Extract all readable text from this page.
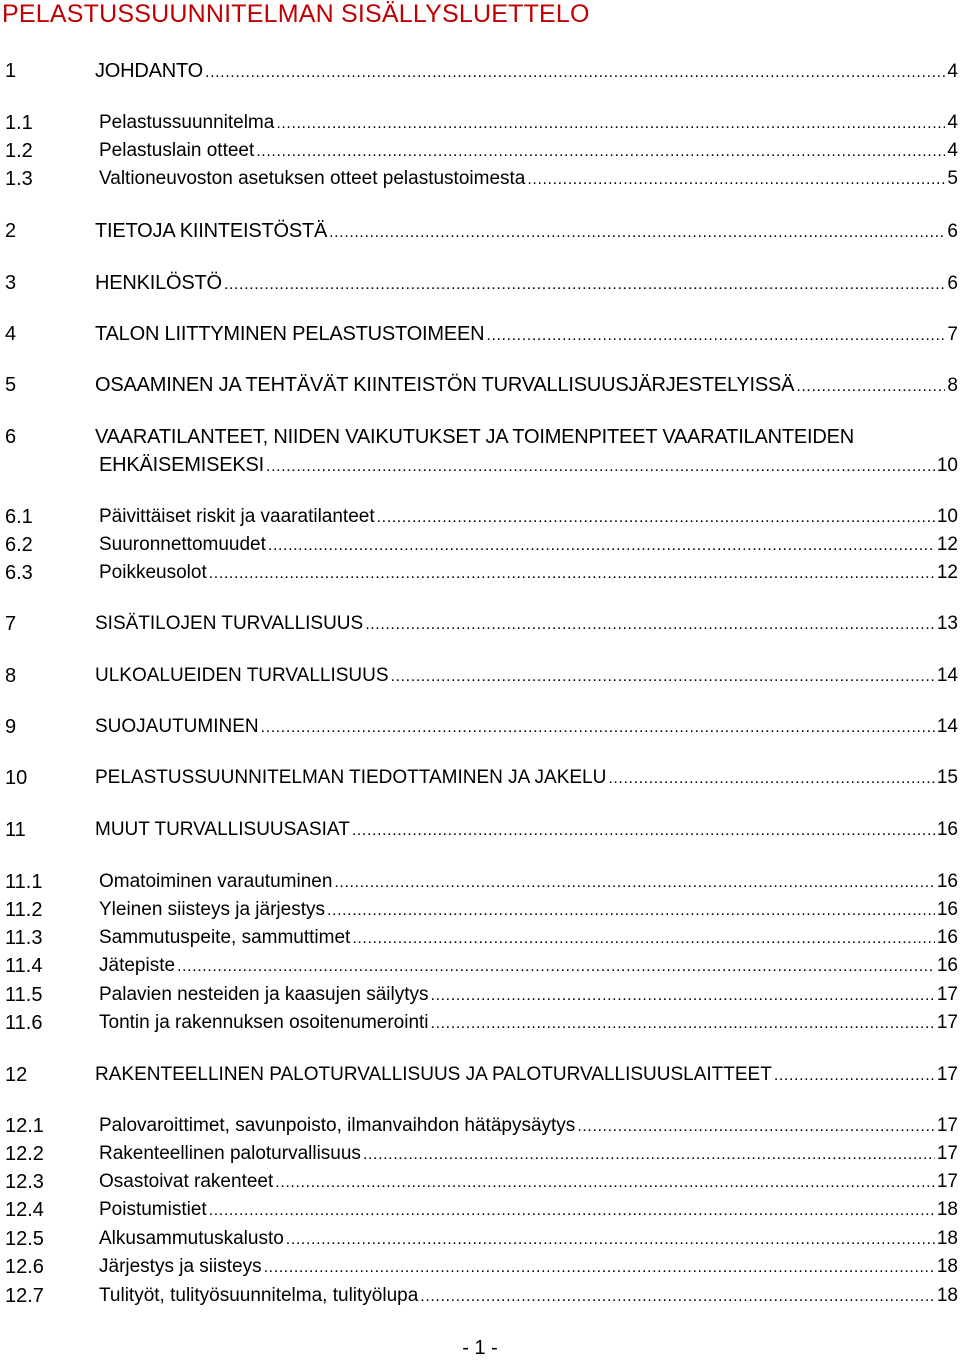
PELASTUSSUUNNITELMAN SISÄLLYSLUETTELO
1	JOHDANTO .....	4
1.1	Pelastussuunnitelma .....	4
1.2	Pelastuslain otteet .....	4
1.3	Valtioneuvoston asetuksen otteet pelastustoimesta .....	5
2	TIETOJA KIINTEISTÖSTÄ .....	6
3	HENKILÖSTÖ .....	6
4	TALON LIITTYMINEN PELASTUSTOIMEEN .....	7
5	OSAAMINEN JA TEHTÄVÄT KIINTEISTÖN TURVALLISUUSJÄRJESTELYISSÄ .....	8
6	VAARATILANTEET, NIIDEN VAIKUTUKSET JA TOIMENPITEET VAARATILANTEIDEN
EHKÄISEMISEKSI .....	10
6.1	Päivittäiset riskit ja vaaratilanteet .....	10
6.2	Suuronnettomuudet .....	12
6.3	Poikkeusolot .....	12
7	SISÄTILOJEN TURVALLISUUS .....	13
8	ULKOALUEIDEN TURVALLISUUS .....	14
9	SUOJAUTUMINEN .....	14
10	PELASTUSSUUNNITELMAN TIEDOTTAMINEN JA JAKELU .....	15
11	MUUT TURVALLISUUSASIAT .....	16
11.1	Omatoiminen varautuminen .....	16
11.2	Yleinen siisteys ja järjestys .....	16
11.3	Sammutuspeite, sammuttimet .....	16
11.4	Jätepiste .....	16
11.5	Palavien nesteiden ja kaasujen säilytys .....	17
11.6	Tontin ja rakennuksen osoitenumerointi .....	17
12	RAKENTEELLINEN PALOTURVALLISUUS JA PALOTURVALLISUUSLAITTEET .....	17
12.1	Palovaroittimet, savunpoisto, ilmanvaihdon hätäpysäytys .....	17
12.2	Rakenteellinen paloturvallisuus .....	17
12.3	Osastoivat rakenteet .....	17
12.4	Poistumistiet .....	18
12.5	Alkusammutuskalusto .....	18
12.6	Järjestys ja siisteys .....	18
12.7	Tulityöt, tulityösuunnitelma, tulityölupa .....	18
- 1 -
